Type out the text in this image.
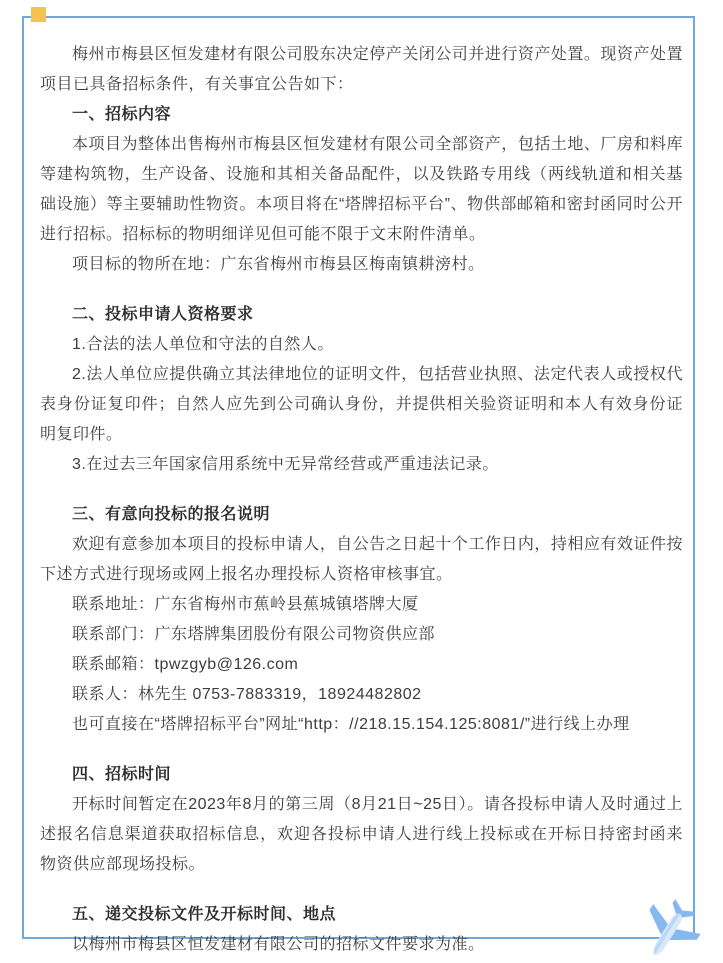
梅州市梅县区恒发建材有限公司股东决定停产关闭公司并进行资产处置。现资产处置项目已具备招标条件，有关事宜公告如下：

一、招标内容

本项目为整体出售梅州市梅县区恒发建材有限公司全部资产，包括土地、厂房和料库等建构筑物，生产设备、设施和其相关备品配件，以及铁路专用线（两线轨道和相关基础设施）等主要辅助性物资。本项目将在“塔牌招标平台”、物供部邮箱和密封函同时公开进行招标。招标标的物明细详见但可能不限于文末附件清单。

项目标的物所在地：广东省梅州市梅县区梅南镇耕滂村。

二、投标申请人资格要求

1.合法的法人单位和守法的自然人。

2.法人单位应提供确立其法律地位的证明文件，包括营业执照、法定代表人或授权代表身份证复印件；自然人应先到公司确认身份，并提供相关验资证明和本人有效身份证明复印件。

3.在过去三年国家信用系统中无异常经营或严重违法记录。

三、有意向投标的报名说明

欢迎有意参加本项目的投标申请人，自公告之日起十个工作日内，持相应有效证件按下述方式进行现场或网上报名办理投标人资格审核事宜。

联系地址：广东省梅州市蕉岭县蕉城镇塔牌大厦

联系部门：广东塔牌集团股份有限公司物资供应部

联系邮箱：tpwzgyb@126.com

联系人：林先生 0753-7883319，18924482802

也可直接在“塔牌招标平台”网址“http：//218.15.154.125:8081/”进行线上办理

四、招标时间

开标时间暂定在2023年8月的第三周（8月21日~25日）。请各投标申请人及时通过上述报名信息渠道获取招标信息，欢迎各投标申请人进行线上投标或在开标日持密封函来物资供应部现场投标。

五、递交投标文件及开标时间、地点

以梅州市梅县区恒发建材有限公司的招标文件要求为准。
